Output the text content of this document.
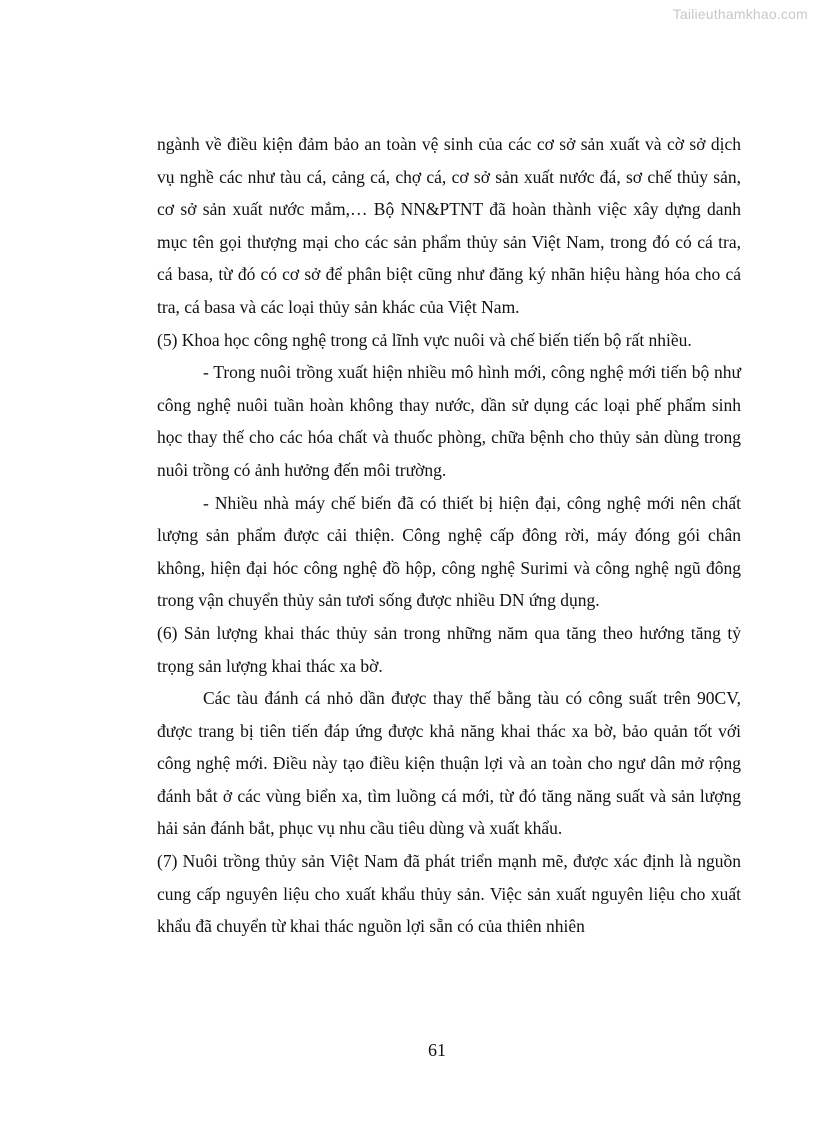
Tailieuthamkhao.com

ngành về điều kiện đảm bảo an toàn vệ sinh của các cơ sở sản xuất và cờ sở dịch vụ nghề các như tàu cá, cảng cá, chợ cá, cơ sở sản xuất nước đá, sơ chế thủy sản, cơ sở sản xuất nước mắm,… Bộ NN&PTNT đã hoàn thành việc xây dựng danh mục tên gọi thượng mại cho các sản phẩm thủy sản Việt Nam, trong đó có cá tra, cá basa, từ đó có cơ sở để phân biệt cũng như đăng ký nhãn hiệu hàng hóa cho cá tra, cá basa và các loại thủy sản khác của Việt Nam.

(5) Khoa học công nghệ trong cả lĩnh vực nuôi và chế biến tiến bộ rất nhiều.

- Trong nuôi trồng xuất hiện nhiều mô hình mới, công nghệ mới tiến bộ như công nghệ nuôi tuần hoàn không thay nước, dần sử dụng các loại phế phẩm sinh học thay thế cho các hóa chất và thuốc phòng, chữa bệnh cho thủy sản dùng trong nuôi trồng có ảnh hưởng đến môi trường.

- Nhiều nhà máy chế biến đã có thiết bị hiện đại, công nghệ mới nên chất lượng sản phẩm được cải thiện. Công nghệ cấp đông rời, máy đóng gói chân không, hiện đại hóc công nghệ đồ hộp, công nghệ Surimi và công nghệ ngũ đông trong vận chuyển thủy sản tươi sống được nhiều DN ứng dụng.

(6) Sản lượng khai thác thủy sản trong những năm qua tăng theo hướng tăng tỷ trọng sản lượng khai thác xa bờ.

Các tàu đánh cá nhỏ dần được thay thế bằng tàu có công suất trên 90CV, được trang bị tiên tiến đáp ứng được khả năng khai thác xa bờ, bảo quản tốt với công nghệ mới. Điều này tạo điều kiện thuận lợi và an toàn cho ngư dân mở rộng đánh bắt ở các vùng biển xa, tìm luồng cá mới, từ đó tăng năng suất và sản lượng hải sản đánh bắt, phục vụ nhu cầu tiêu dùng và xuất khẩu.

(7) Nuôi trồng thủy sản Việt Nam đã phát triển mạnh mẽ, được xác định là nguồn cung cấp nguyên liệu cho xuất khẩu thủy sản. Việc sản xuất nguyên liệu cho xuất khẩu đã chuyển từ khai thác nguồn lợi sẵn có của thiên nhiên

61
